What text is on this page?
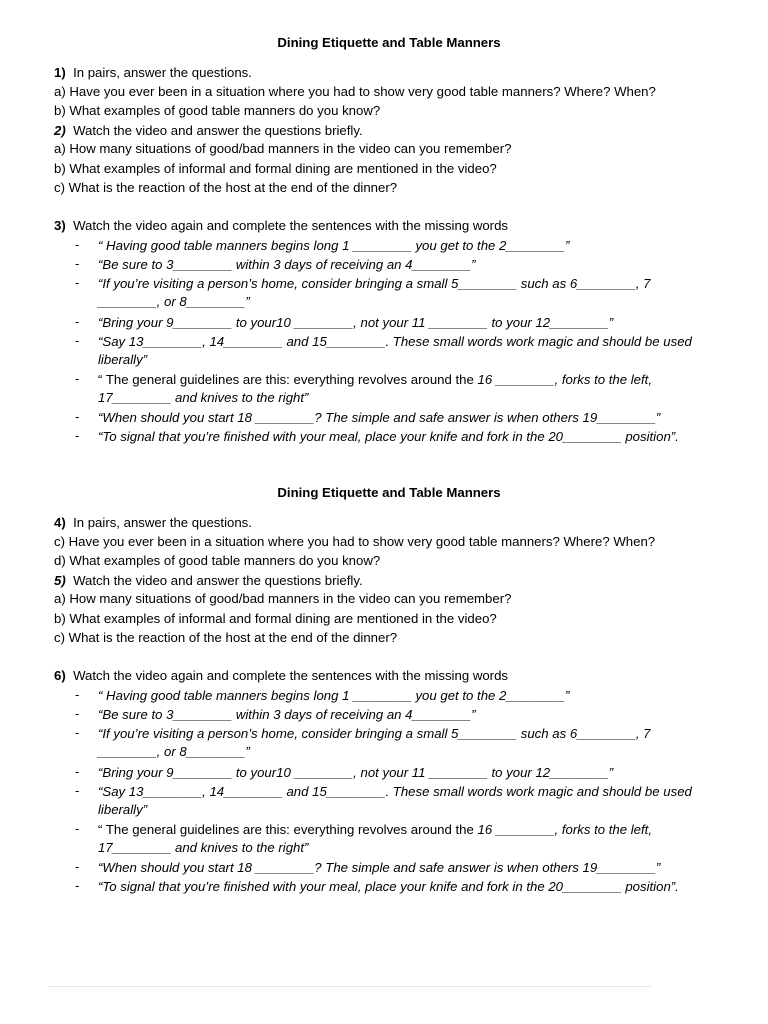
Dining Etiquette and Table Manners
1) In pairs, answer the questions.
a) Have you ever been in a situation where you had to show very good table manners? Where? When?
b) What examples of good table manners do you know?
2) Watch the video and answer the questions briefly.
a) How many situations of good/bad manners in the video can you remember?
b) What examples of informal and formal dining are mentioned in the video?
c) What is the reaction of the host at the end of the dinner?
3) Watch the video again and complete the sentences with the missing words
-	“ Having good table manners begins long 1 ________ you get to the 2________”
-	“Be sure to 3________ within 3 days of receiving an 4________”
-	“If you’re visiting a person’s home, consider bringing a small 5________ such as 6________, 7
________, or 8________”
-	“Bring your 9________ to your10 ________, not your 11 ________ to your 12________”
-	“Say 13________, 14________ and 15________. These small words work magic and should be used
liberally”
-	“ The general guidelines are this: everything revolves around the 16 ________, forks to the left,
17________ and knives to the right”
-	“When should you start 18 ________? The simple and safe answer is when others 19________”
-	“To signal that you’re finished with your meal, place your knife and fork in the 20________ position”.
Dining Etiquette and Table Manners
4) In pairs, answer the questions.
c) Have you ever been in a situation where you had to show very good table manners? Where? When?
d) What examples of good table manners do you know?
5) Watch the video and answer the questions briefly.
a) How many situations of good/bad manners in the video can you remember?
b) What examples of informal and formal dining are mentioned in the video?
c) What is the reaction of the host at the end of the dinner?
6) Watch the video again and complete the sentences with the missing words
-	“ Having good table manners begins long 1 ________ you get to the 2________”
-	“Be sure to 3________ within 3 days of receiving an 4________”
-	“If you’re visiting a person’s home, consider bringing a small 5________ such as 6________, 7
________, or 8________”
-	“Bring your 9________ to your10 ________, not your 11 ________ to your 12________”
-	“Say 13________, 14________ and 15________. These small words work magic and should be used
liberally”
-	“ The general guidelines are this: everything revolves around the 16 ________, forks to the left,
17________ and knives to the right”
-	“When should you start 18 ________? The simple and safe answer is when others 19________”
-	“To signal that you’re finished with your meal, place your knife and fork in the 20________ position”.
